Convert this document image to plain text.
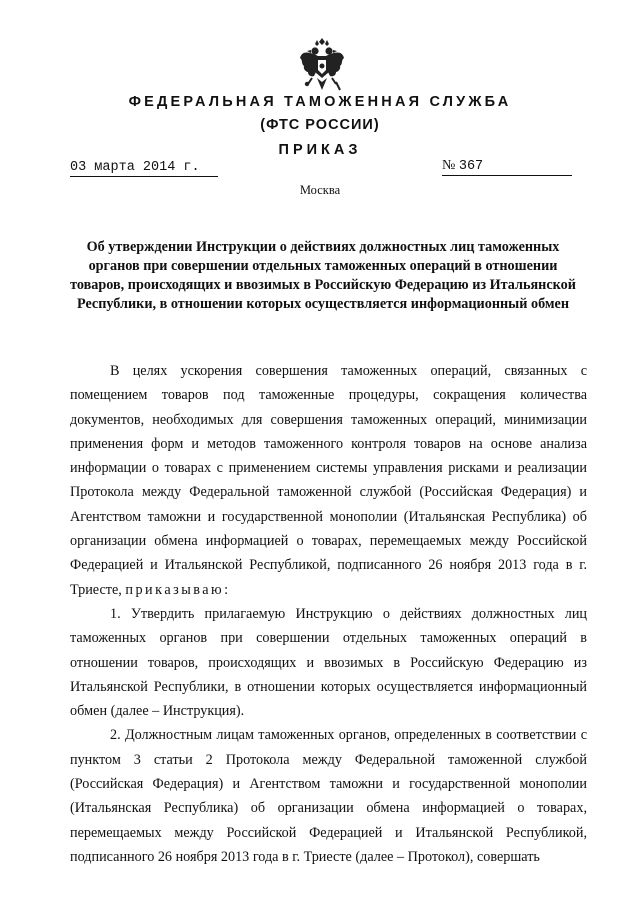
ФЕДЕРАЛЬНАЯ ТАМОЖЕННАЯ СЛУЖБА
(ФТС РОССИИ)
ПРИКАЗ
03 марта 2014 г.	№ 367
Москва
Об утверждении Инструкции о действиях должностных лиц таможенных органов при совершении отдельных таможенных операций в отношении товаров, происходящих и ввозимых в Российскую Федерацию из Итальянской Республики, в отношении которых осуществляется информационный обмен

В целях ускорения совершения таможенных операций, связанных с помещением товаров под таможенные процедуры, сокращения количества документов, необходимых для совершения таможенных операций, минимизации применения форм и методов таможенного контроля товаров на основе анализа информации о товарах с применением системы управления рисками и реализации Протокола между Федеральной таможенной службой (Российская Федерация) и Агентством таможни и государственной монополии (Итальянская Республика) об организации обмена информацией о товарах, перемещаемых между Российской Федерацией и Итальянской Республикой, подписанного 26 ноября 2013 года в г. Триесте, приказываю:

1. Утвердить прилагаемую Инструкцию о действиях должностных лиц таможенных органов при совершении отдельных таможенных операций в отношении товаров, происходящих и ввозимых в Российскую Федерацию из Итальянской Республики, в отношении которых осуществляется информационный обмен (далее – Инструкция).

2. Должностным лицам таможенных органов, определенных в соответствии с пунктом 3 статьи 2 Протокола между Федеральной таможенной службой (Российская Федерация) и Агентством таможни и государственной монополии (Итальянская Республика) об организации обмена информацией о товарах, перемещаемых между Российской Федерацией и Итальянской Республикой, подписанного 26 ноября 2013 года в г. Триесте (далее – Протокол), совершать
